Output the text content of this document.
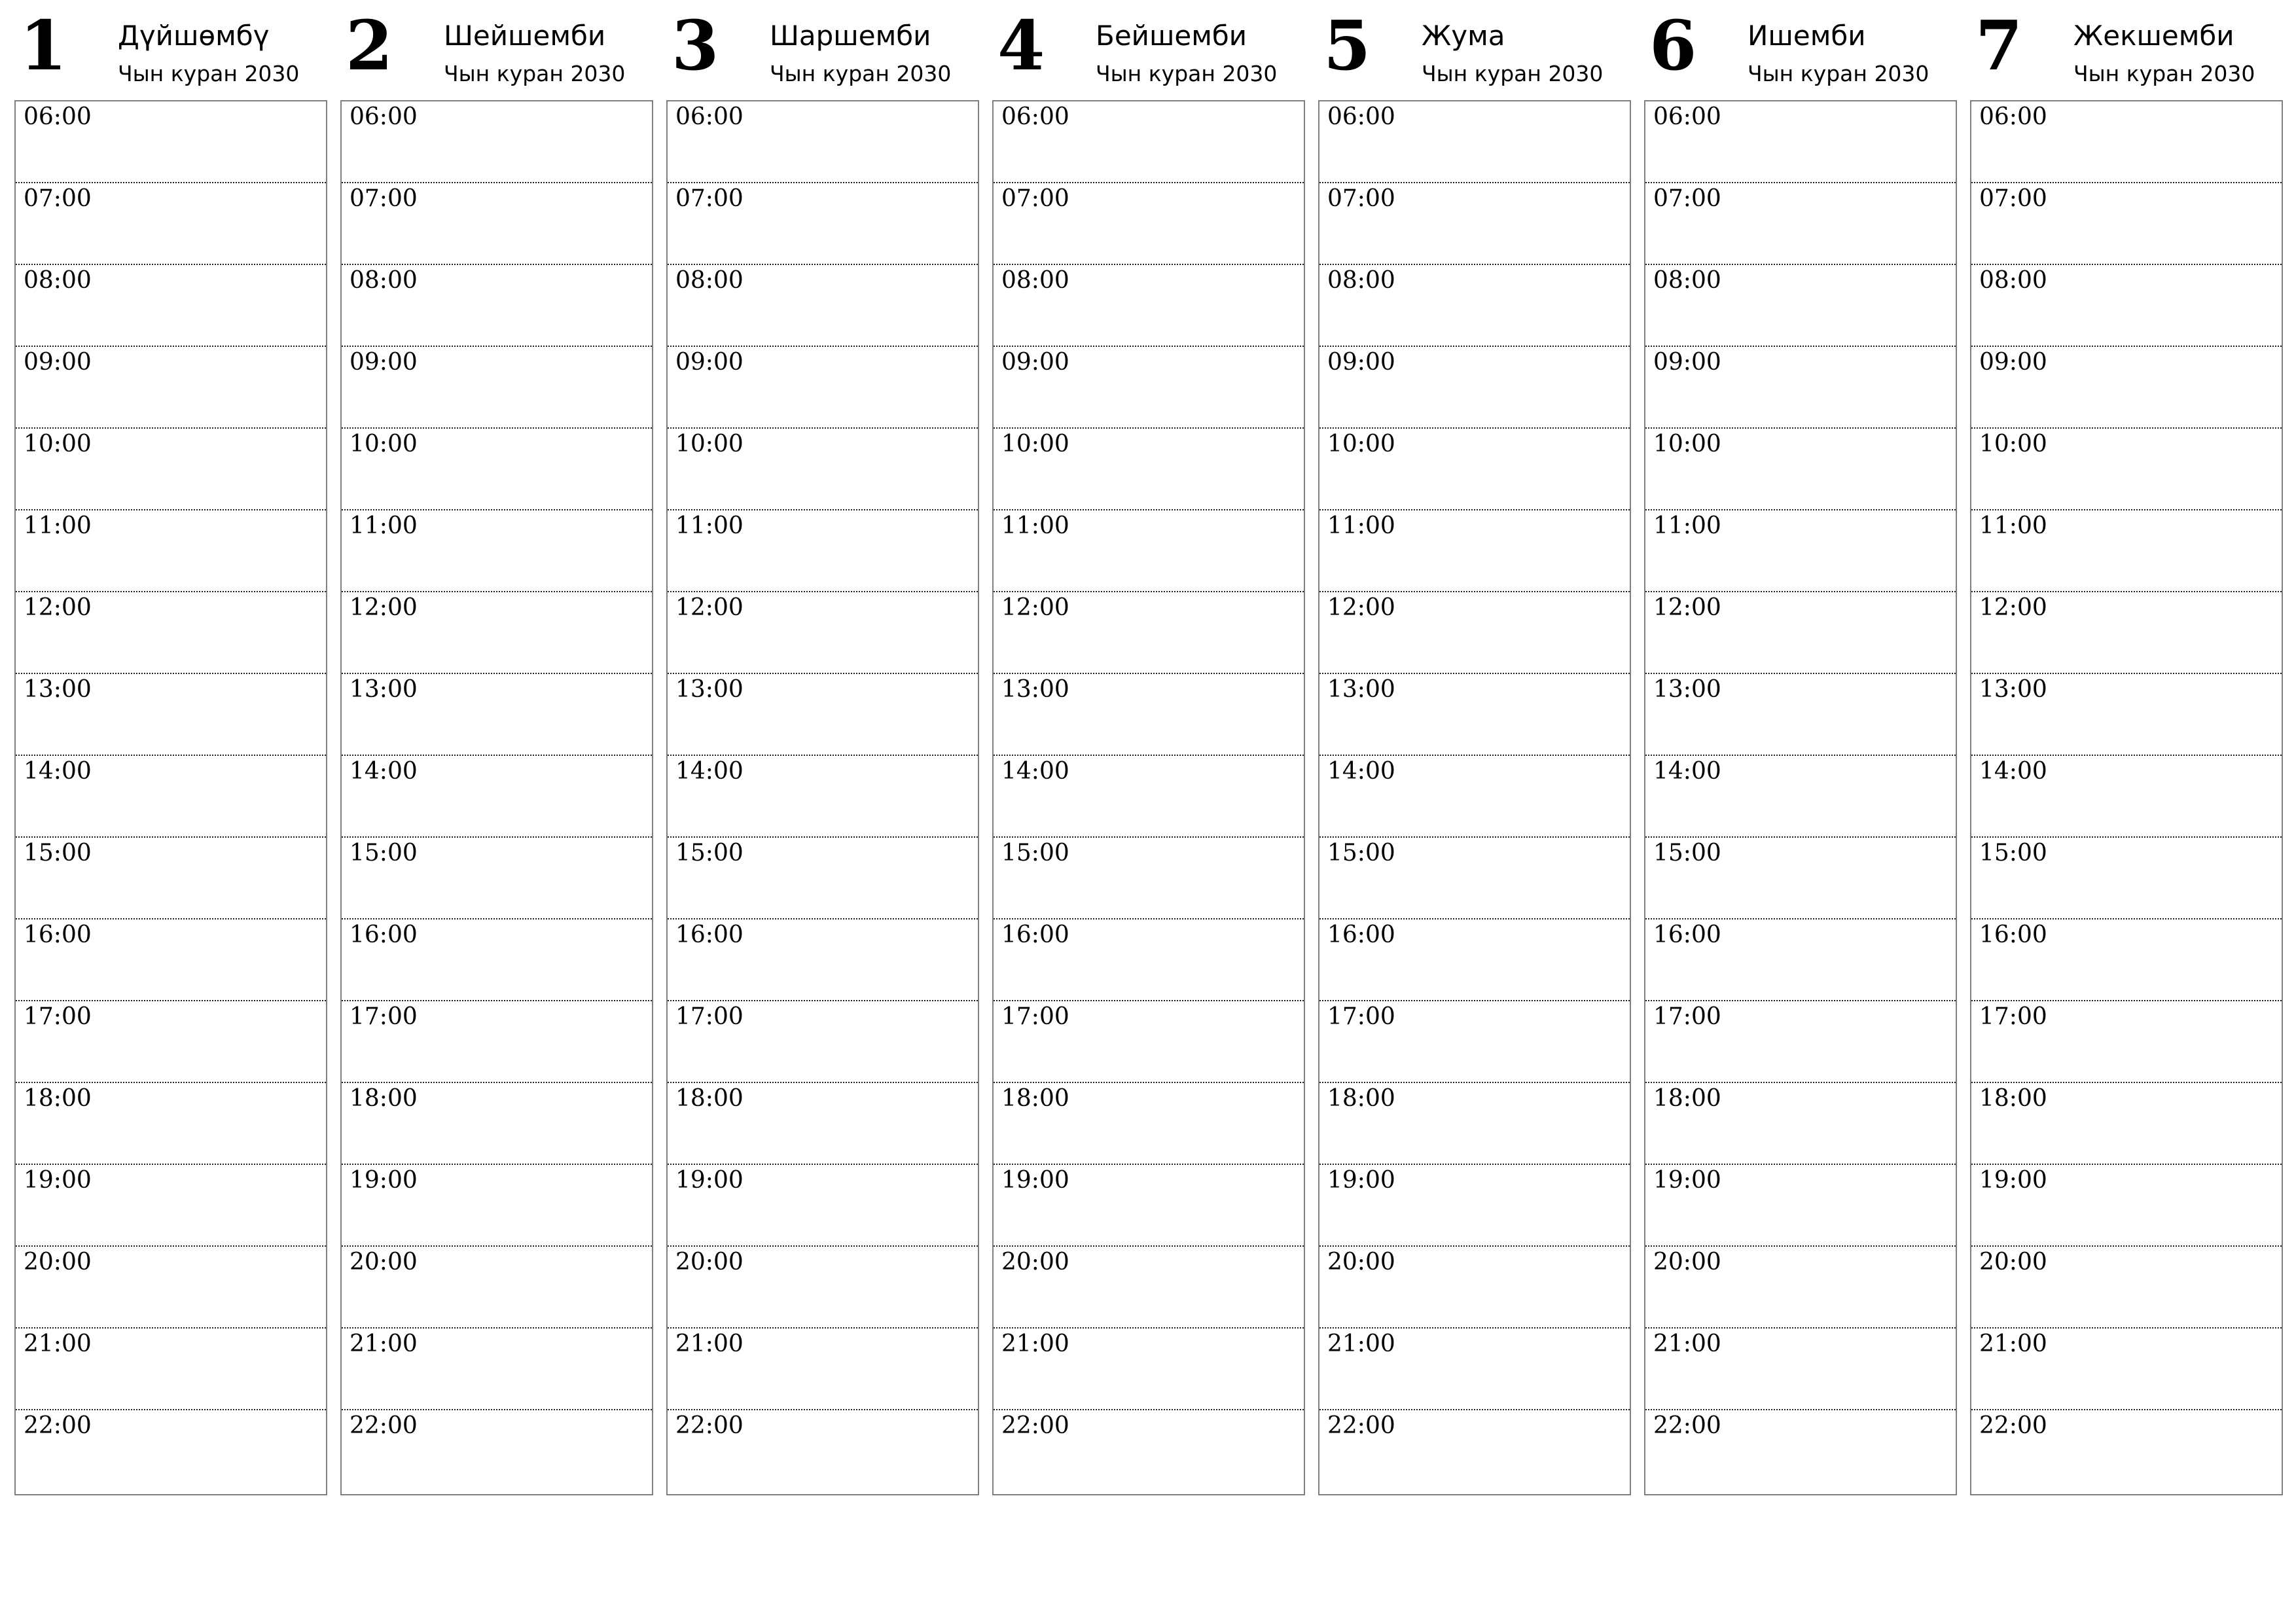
1 Дүйшөмбү
Чын куран 2030
06:00
07:00
08:00
09:00
10:00
11:00
12:00
13:00
14:00
15:00
16:00
17:00
18:00
19:00
20:00
21:00
22:00
2 Шейшемби
Чын куран 2030
06:00
07:00
08:00
09:00
10:00
11:00
12:00
13:00
14:00
15:00
16:00
17:00
18:00
19:00
20:00
21:00
22:00
3 Шаршемби
Чын куран 2030
06:00
07:00
08:00
09:00
10:00
11:00
12:00
13:00
14:00
15:00
16:00
17:00
18:00
19:00
20:00
21:00
22:00
4 Бейшемби
Чын куран 2030
06:00
07:00
08:00
09:00
10:00
11:00
12:00
13:00
14:00
15:00
16:00
17:00
18:00
19:00
20:00
21:00
22:00
5 Жума
Чын куран 2030
06:00
07:00
08:00
09:00
10:00
11:00
12:00
13:00
14:00
15:00
16:00
17:00
18:00
19:00
20:00
21:00
22:00
6 Ишемби
Чын куран 2030
06:00
07:00
08:00
09:00
10:00
11:00
12:00
13:00
14:00
15:00
16:00
17:00
18:00
19:00
20:00
21:00
22:00
7 Жекшемби
Чын куран 2030
06:00
07:00
08:00
09:00
10:00
11:00
12:00
13:00
14:00
15:00
16:00
17:00
18:00
19:00
20:00
21:00
22:00
